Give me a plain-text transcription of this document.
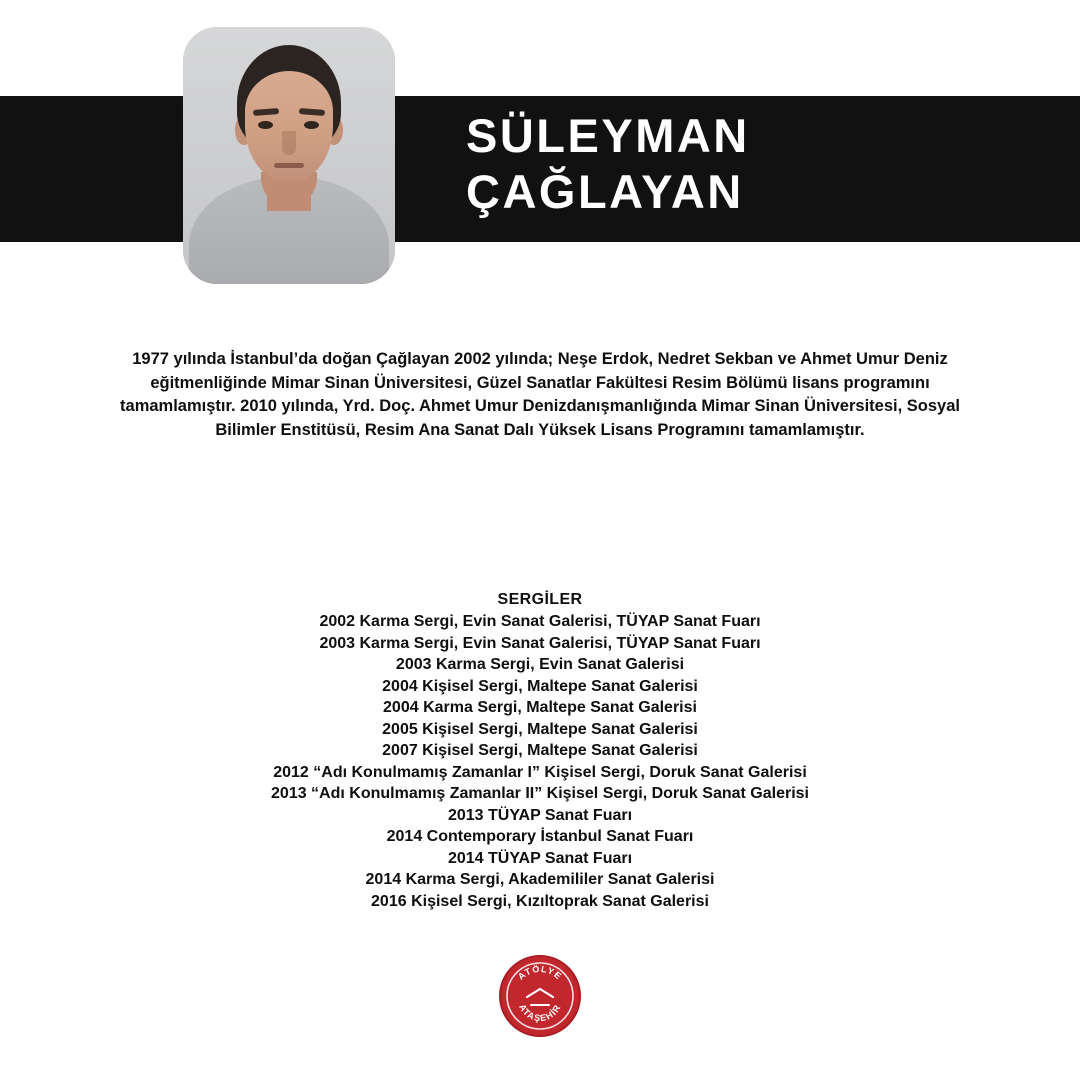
SÜLEYMAN
ÇAĞLAYAN
1977 yılında İstanbul’da doğan Çağlayan 2002 yılında; Neşe Erdok, Nedret Sekban ve Ahmet Umur Deniz eğitmenliğinde Mimar Sinan Üniversitesi, Güzel Sanatlar Fakültesi Resim Bölümü lisans programını tamamlamıştır. 2010 yılında, Yrd. Doç. Ahmet Umur Denizdanışmanlığında Mimar Sinan Üniversitesi, Sosyal Bilimler Enstitüsü, Resim Ana Sanat Dalı Yüksek Lisans Programını tamamlamıştır.
SERGİLER
2002 Karma Sergi, Evin Sanat Galerisi, TÜYAP Sanat Fuarı
2003 Karma Sergi, Evin Sanat Galerisi, TÜYAP Sanat Fuarı
2003 Karma Sergi, Evin Sanat Galerisi
2004 Kişisel Sergi, Maltepe Sanat Galerisi
2004 Karma Sergi, Maltepe Sanat Galerisi
2005 Kişisel Sergi, Maltepe Sanat Galerisi
2007 Kişisel Sergi, Maltepe Sanat Galerisi
2012 “Adı Konulmamış Zamanlar I” Kişisel Sergi, Doruk Sanat Galerisi
2013 “Adı Konulmamış Zamanlar II” Kişisel Sergi, Doruk Sanat Galerisi
2013 TÜYAP Sanat Fuarı
2014 Contemporary İstanbul Sanat Fuarı
2014 TÜYAP Sanat Fuarı
2014 Karma Sergi, Akademililer Sanat Galerisi
2016 Kişisel Sergi, Kızıltoprak Sanat Galerisi
ATÖLYE
ATAŞEHİR
